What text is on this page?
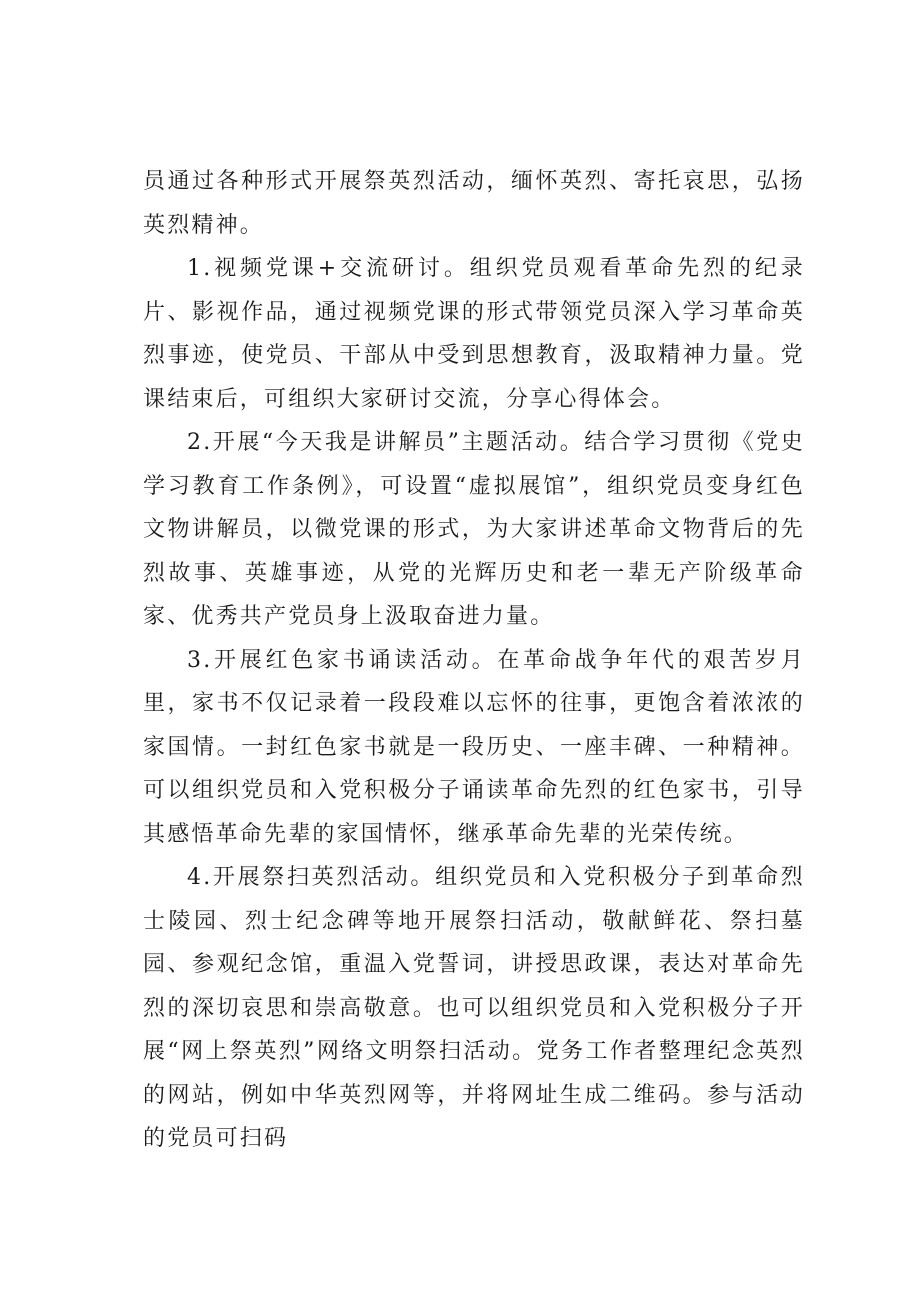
员通过各种形式开展祭英烈活动，缅怀英烈、寄托哀思，弘扬英烈精神。

1.视频党课+交流研讨。组织党员观看革命先烈的纪录片、影视作品，通过视频党课的形式带领党员深入学习革命英烈事迹，使党员、干部从中受到思想教育，汲取精神力量。党课结束后，可组织大家研讨交流，分享心得体会。

2.开展“今天我是讲解员”主题活动。结合学习贯彻《党史学习教育工作条例》，可设置“虚拟展馆”，组织党员变身红色文物讲解员，以微党课的形式，为大家讲述革命文物背后的先烈故事、英雄事迹，从党的光辉历史和老一辈无产阶级革命家、优秀共产党员身上汲取奋进力量。

3.开展红色家书诵读活动。在革命战争年代的艰苦岁月里，家书不仅记录着一段段难以忘怀的往事，更饱含着浓浓的家国情。一封红色家书就是一段历史、一座丰碑、一种精神。可以组织党员和入党积极分子诵读革命先烈的红色家书，引导其感悟革命先辈的家国情怀，继承革命先辈的光荣传统。

4.开展祭扫英烈活动。组织党员和入党积极分子到革命烈士陵园、烈士纪念碑等地开展祭扫活动，敬献鲜花、祭扫墓园、参观纪念馆，重温入党誓词，讲授思政课，表达对革命先烈的深切哀思和崇高敬意。也可以组织党员和入党积极分子开展“网上祭英烈”网络文明祭扫活动。党务工作者整理纪念英烈的网站，例如中华英烈网等，并将网址生成二维码。参与活动的党员可扫码
